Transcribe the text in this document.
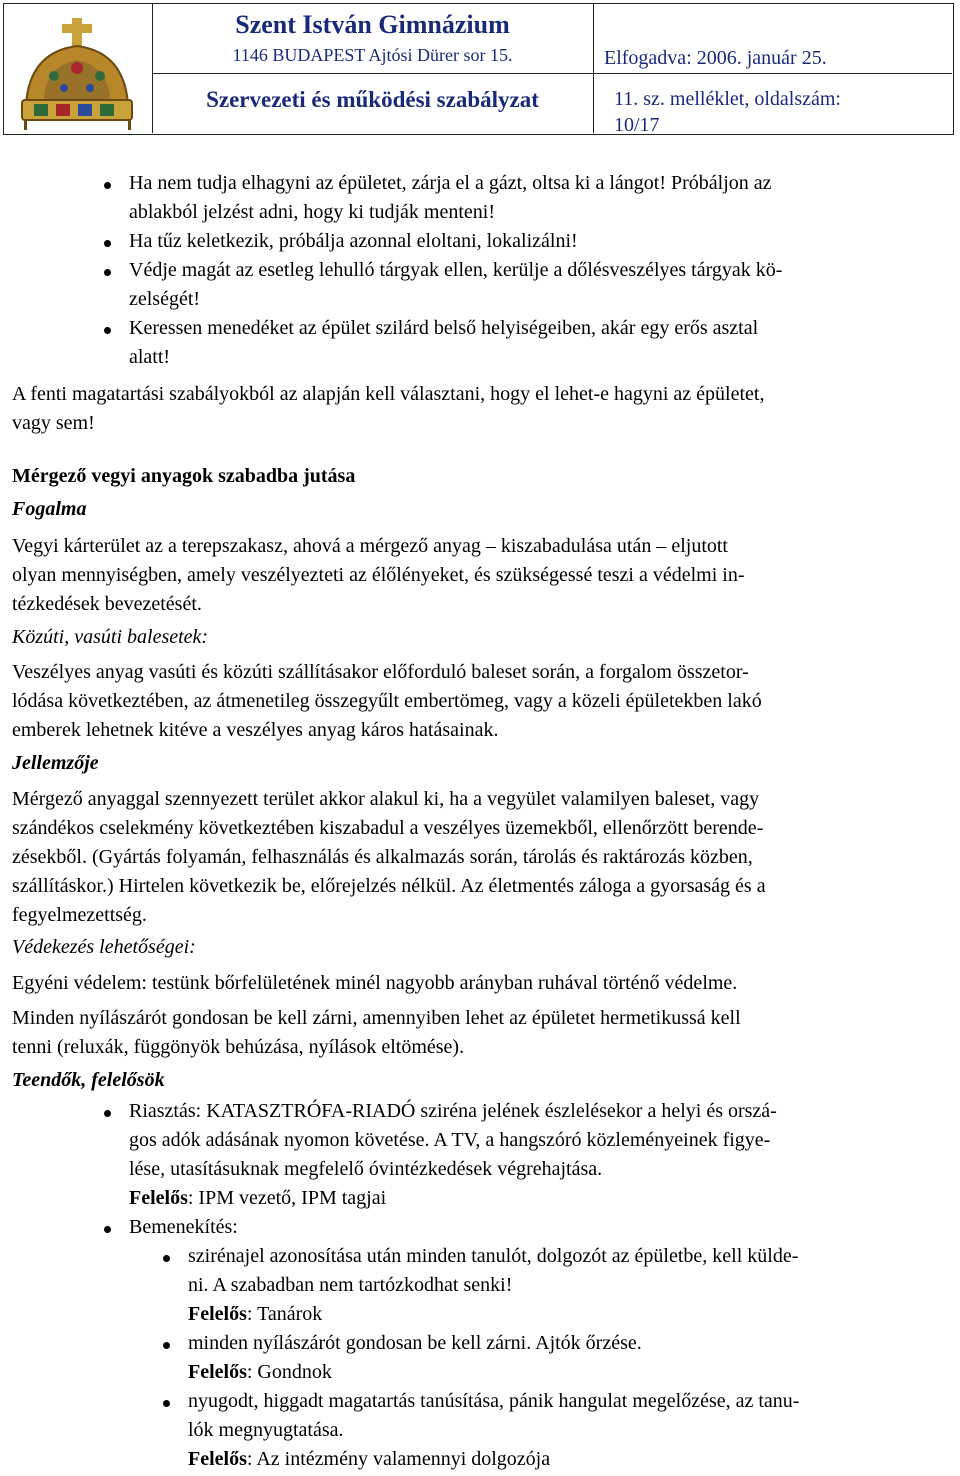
Szent István Gimnázium
1146 BUDAPEST Ajtósi Dürer sor 15.
Szervezeti és működési szabályzat
Elfogadva: 2006. január 25.
11. sz. melléklet, oldalszám:
10/17
Ha nem tudja elhagyni az épületet, zárja el a gázt, oltsa ki a lángot! Próbáljon az
ablakból jelzést adni, hogy ki tudják menteni!
Ha tűz keletkezik, próbálja azonnal eloltani, lokalizálni!
Védje magát az esetleg lehulló tárgyak ellen, kerülje a dőlésveszélyes tárgyak kö-
zelségét!
Keressen menedéket az épület szilárd belső helyiségeiben, akár egy erős asztal
alatt!
A fenti magatartási szabályokból az alapján kell választani, hogy el lehet-e hagyni az épületet,
vagy sem!
Mérgező vegyi anyagok szabadba jutása
Fogalma
Vegyi kárterület az a terepszakasz, ahová a mérgező anyag – kiszabadulása után – eljutott
olyan mennyiségben, amely veszélyezteti az élőlényeket, és szükségessé teszi a védelmi in-
tézkedések bevezetését.
Közúti, vasúti balesetek:
Veszélyes anyag vasúti és közúti szállításakor előforduló baleset során, a forgalom összetor-
lódása következtében, az átmenetileg összegyűlt embertömeg, vagy a közeli épületekben lakó
emberek lehetnek kitéve a veszélyes anyag káros hatásainak.
Jellemzője
Mérgező anyaggal szennyezett terület akkor alakul ki, ha a vegyület valamilyen baleset, vagy
szándékos cselekmény következtében kiszabadul a veszélyes üzemekből, ellenőrzött berende-
zésekből. (Gyártás folyamán, felhasználás és alkalmazás során, tárolás és raktározás közben,
szállításkor.) Hirtelen következik be, előrejelzés nélkül. Az életmentés záloga a gyorsaság és a
fegyelmezettség.
Védekezés lehetőségei:
Egyéni védelem: testünk bőrfelületének minél nagyobb arányban ruhával történő védelme.
Minden nyílászárót gondosan be kell zárni, amennyiben lehet az épületet hermetikussá kell
tenni (reluxák, függönyök behúzása, nyílások eltömése).
Teendők, felelősök
Riasztás: KATASZTRÓFA-RIADÓ sziréna jelének észlelésekor a helyi és orszá-
gos adók adásának nyomon követése. A TV, a hangszóró közleményeinek figye-
lése, utasításuknak megfelelő óvintézkedések végrehajtása.
Felelős: IPM vezető, IPM tagjai
Bemenekítés:
szirénajel azonosítása után minden tanulót, dolgozót az épületbe, kell külde-
ni. A szabadban nem tartózkodhat senki!
Felelős: Tanárok
minden nyílászárót gondosan be kell zárni. Ajtók őrzése.
Felelős: Gondnok
nyugodt, higgadt magatartás tanúsítása, pánik hangulat megelőzése, az tanu-
lók megnyugtatása.
Felelős: Az intézmény valamennyi dolgozója
